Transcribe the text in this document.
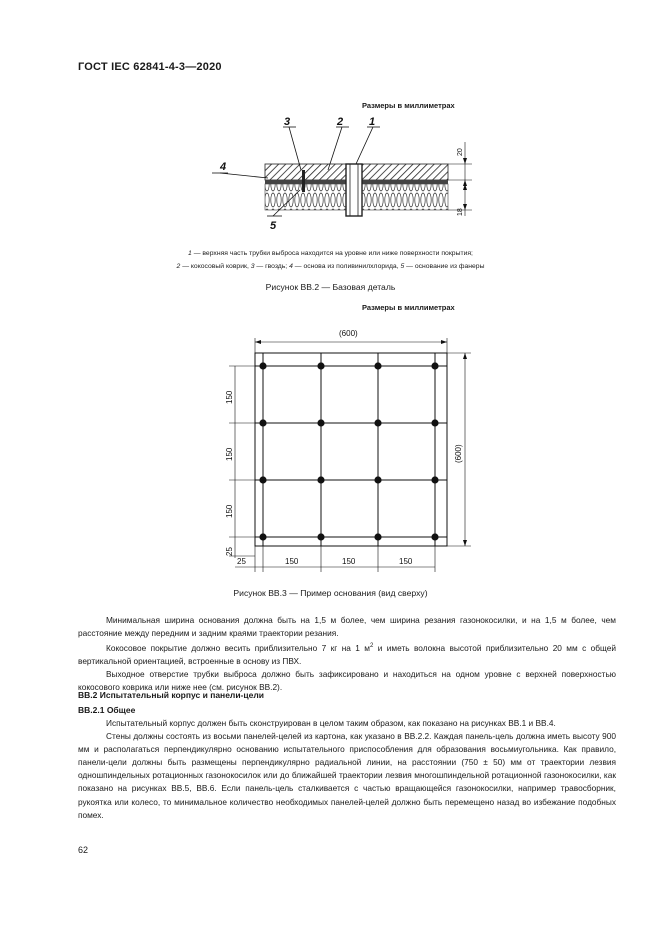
ГОСТ IEC 62841-4-3—2020
Размеры в миллиметрах
3	2 1
4
5
20
18
1 — верхняя часть трубки выброса находится на уровне или ниже поверхности покрытия;
2 — кокосовый коврик, 3 — гвоздь; 4 — основа из поливинилхлорида, 5 — основание из фанеры
Рисунок ВВ.2 — Базовая деталь
Размеры в миллиметрах
(600)
(600)
150
150
150
25
25	150	150	150
Рисунок ВВ.3 — Пример основания (вид сверху)

Минимальная ширина основания должна быть на 1,5 м более, чем ширина резания газонокосилки, и на 1,5 м более, чем расстояние между передним и задним краями траектории резания.

Кокосовое покрытие должно весить приблизительно 7 кг на 1 $м^2$ и иметь волокна высотой приблизительно 20 мм с общей вертикальной ориентацией, встроенные в основу из ПВХ.

Выходное отверстие трубки выброса должно быть зафиксировано и находиться на одном уровне с верхней поверхностью кокосового коврика или ниже нее (см. рисунок ВВ.2).

ВВ.2 Испытательный корпус и панели-цели
ВВ.2.1 Общее

Испытательный корпус должен быть сконструирован в целом таким образом, как показано на рисунках ВВ.1 и ВВ.4.

Стены должны состоять из восьми панелей-целей из картона, как указано в ВВ.2.2. Каждая панель-цель должна иметь высоту 900 мм и располагаться перпендикулярно основанию испытательного приспособления для образования восьмиугольника. Как правило, панели-цели должны быть размещены перпендикулярно радиальной линии, на расстоянии (750 ± 50) мм от траектории лезвия одношпиндельных ротационных газонокосилок или до ближайшей траектории лезвия многошпиндельной ротационной газонокосилки, как показано на рисунках ВВ.5, ВВ.6. Если панель-цель сталкивается с частью вращающейся газонокосилки, например травосборник, рукоятка или колесо, то минимальное количество необходимых панелей-целей должно быть перемещено назад во избежание подобных помех.

62
